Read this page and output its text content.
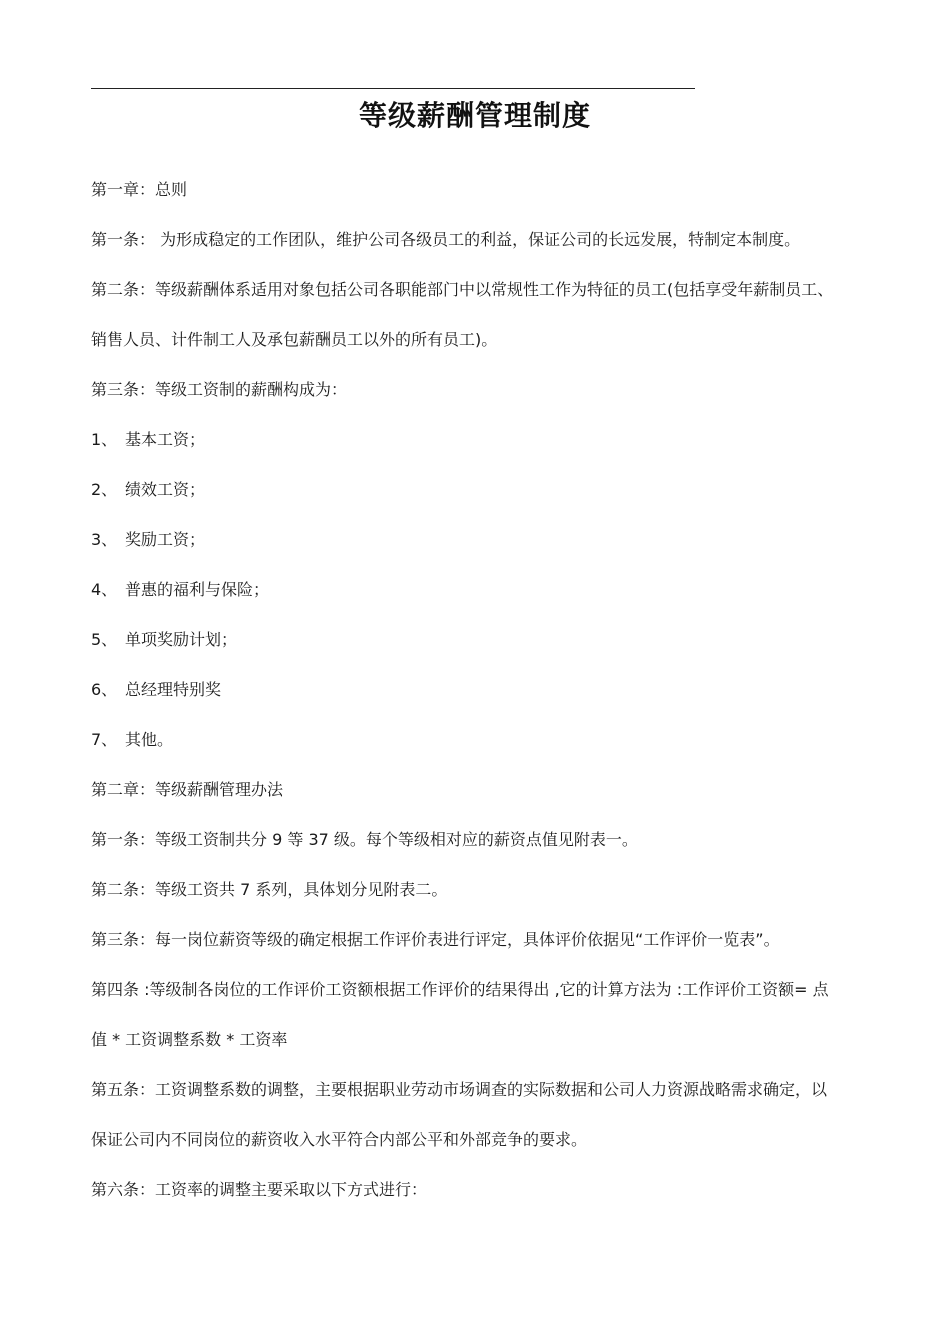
等级薪酬管理制度
第一章：总则
第一条： 为形成稳定的工作团队，维护公司各级员工的利益，保证公司的长远发展，特制定本制度。
第二条：等级薪酬体系适用对象包括公司各职能部门中以常规性工作为特征的员工(包括享受年薪制员工、
销售人员、计件制工人及承包薪酬员工以外的所有员工)。
第三条：等级工资制的薪酬构成为：
1、 基本工资；
2、 绩效工资；
3、 奖励工资；
4、 普惠的福利与保险；
5、 单项奖励计划；
6、 总经理特别奖
7、 其他。
第二章：等级薪酬管理办法
第一条：等级工资制共分 9 等 37 级。每个等级相对应的薪资点值见附表一。
第二条：等级工资共 7 系列，具体划分见附表二。
第三条：每一岗位薪资等级的确定根据工作评价表进行评定，具体评价依据见“工作评价一览表”。
第四条 :等级制各岗位的工作评价工资额根据工作评价的结果得出 ,它的计算方法为 :工作评价工资额= 点
值 * 工资调整系数 * 工资率
第五条：工资调整系数的调整，主要根据职业劳动市场调查的实际数据和公司人力资源战略需求确定，以
保证公司内不同岗位的薪资收入水平符合内部公平和外部竞争的要求。
第六条：工资率的调整主要采取以下方式进行：
